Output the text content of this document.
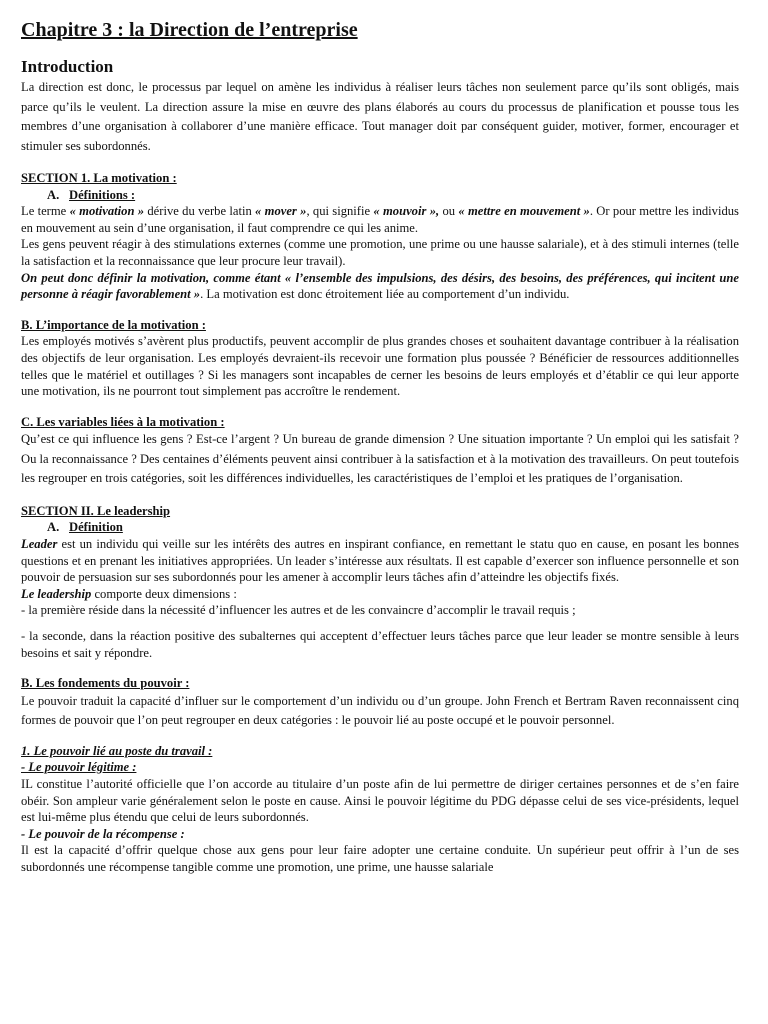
Chapitre 3 : la Direction de l’entreprise
Introduction

La direction est donc, le processus par lequel on amène les individus à réaliser leurs tâches non seulement parce qu’ils sont obligés, mais parce qu’ils le veulent. La direction assure la mise en œuvre des plans élaborés au cours du processus de planification et pousse tous les membres d’une organisation à collaborer d’une manière efficace. Tout manager doit par conséquent guider, motiver, former, encourager et stimuler ses subordonnés.

SECTION 1. La motivation :
A. Définitions :

Le terme « motivation » dérive du verbe latin « mover », qui signifie « mouvoir », ou « mettre en mouvement ». Or pour mettre les individus en mouvement au sein d’une organisation, il faut comprendre ce qui les anime.

Les gens peuvent réagir à des stimulations externes (comme une promotion, une prime ou une hausse salariale), et à des stimuli internes (telle la satisfaction et la reconnaissance que leur procure leur travail).

On peut donc définir la motivation, comme étant « l’ensemble des impulsions, des désirs, des besoins, des préférences, qui incitent une personne à réagir favorablement ». La motivation est donc étroitement liée au comportement d’un individu.

B. L’importance de la motivation :

Les employés motivés s’avèrent plus productifs, peuvent accomplir de plus grandes choses et souhaitent davantage contribuer à la réalisation des objectifs de leur organisation. Les employés devraient-ils recevoir une formation plus poussée ? Bénéficier de ressources additionnelles telles que le matériel et outillages ? Si les managers sont incapables de cerner les besoins de leurs employés et d’établir ce qui leur apporte une motivation, ils ne pourront tout simplement pas accroître le rendement.

C. Les variables liées à la motivation :

Qu’est ce qui influence les gens ? Est-ce l’argent ? Un bureau de grande dimension ? Une situation importante ? Un emploi qui les satisfait ? Ou la reconnaissance ? Des centaines d’éléments peuvent ainsi contribuer à la satisfaction et à la motivation des travailleurs. On peut toutefois les regrouper en trois catégories, soit les différences individuelles, les caractéristiques de l’emploi et les pratiques de l’organisation.

SECTION II. Le leadership
A. Définition

Leader est un individu qui veille sur les intérêts des autres en inspirant confiance, en remettant le statu quo en cause, en posant les bonnes questions et en prenant les initiatives appropriées. Un leader s’intéresse aux résultats. Il est capable d’exercer son influence personnelle et son pouvoir de persuasion sur ses subordonnés pour les amener à accomplir leurs tâches afin d’atteindre les objectifs fixés.

Le leadership comporte deux dimensions :

- la première réside dans la nécessité d’influencer les autres et de les convaincre d’accomplir le travail requis ;

- la seconde, dans la réaction positive des subalternes qui acceptent d’effectuer leurs tâches parce que leur leader se montre sensible à leurs besoins et sait y répondre.

B. Les fondements du pouvoir :

Le pouvoir traduit la capacité d’influer sur le comportement d’un individu ou d’un groupe. John French et Bertram Raven reconnaissent cinq formes de pouvoir que l’on peut regrouper en deux catégories : le pouvoir lié au poste occupé et le pouvoir personnel.

1. Le pouvoir lié au poste du travail :
- Le pouvoir légitime :

IL constitue l’autorité officielle que l’on accorde au titulaire d’un poste afin de lui permettre de diriger certaines personnes et de s’en faire obéir. Son ampleur varie généralement selon le poste en cause. Ainsi le pouvoir légitime du PDG dépasse celui de ses vice-présidents, lequel est lui-même plus étendu que celui de leurs subordonnés.

- Le pouvoir de la récompense :

Il est la capacité d’offrir quelque chose aux gens pour leur faire adopter une certaine conduite. Un supérieur peut offrir à l’un de ses subordonnés une récompense tangible comme une promotion, une prime, une hausse salariale
